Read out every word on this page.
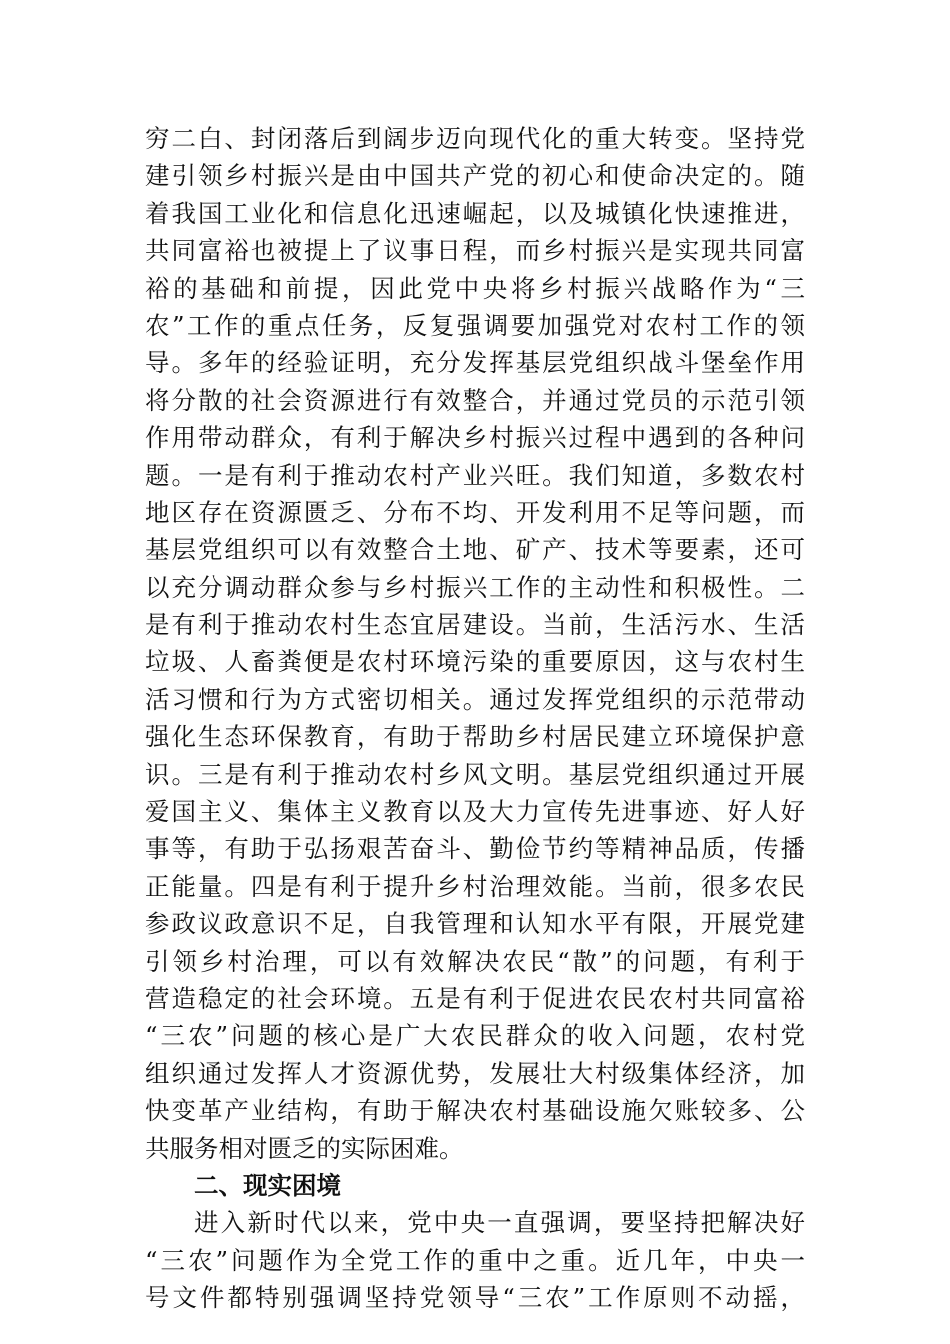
穷二白、封闭落后到阔步迈向现代化的重大转变。坚持党
建引领乡村振兴是由中国共产党的初心和使命决定的。随
着我国工业化和信息化迅速崛起，以及城镇化快速推进，
共同富裕也被提上了议事日程，而乡村振兴是实现共同富
裕的基础和前提，因此党中央将乡村振兴战略作为“三
农”工作的重点任务，反复强调要加强党对农村工作的领
导。多年的经验证明，充分发挥基层党组织战斗堡垒作用
将分散的社会资源进行有效整合，并通过党员的示范引领
作用带动群众，有利于解决乡村振兴过程中遇到的各种问
题。一是有利于推动农村产业兴旺。我们知道，多数农村
地区存在资源匮乏、分布不均、开发利用不足等问题，而
基层党组织可以有效整合土地、矿产、技术等要素，还可
以充分调动群众参与乡村振兴工作的主动性和积极性。二
是有利于推动农村生态宜居建设。当前，生活污水、生活
垃圾、人畜粪便是农村环境污染的重要原因，这与农村生
活习惯和行为方式密切相关。通过发挥党组织的示范带动
强化生态环保教育，有助于帮助乡村居民建立环境保护意
识。三是有利于推动农村乡风文明。基层党组织通过开展
爱国主义、集体主义教育以及大力宣传先进事迹、好人好
事等，有助于弘扬艰苦奋斗、勤俭节约等精神品质，传播
正能量。四是有利于提升乡村治理效能。当前，很多农民
参政议政意识不足，自我管理和认知水平有限，开展党建
引领乡村治理，可以有效解决农民“散”的问题，有利于
营造稳定的社会环境。五是有利于促进农民农村共同富裕
“三农”问题的核心是广大农民群众的收入问题，农村党
组织通过发挥人才资源优势，发展壮大村级集体经济，加
快变革产业结构，有助于解决农村基础设施欠账较多、公
共服务相对匮乏的实际困难。
二、现实困境
进入新时代以来，党中央一直强调，要坚持把解决好
“三农”问题作为全党工作的重中之重。近几年，中央一
号文件都特别强调坚持党领导“三农”工作原则不动摇，
